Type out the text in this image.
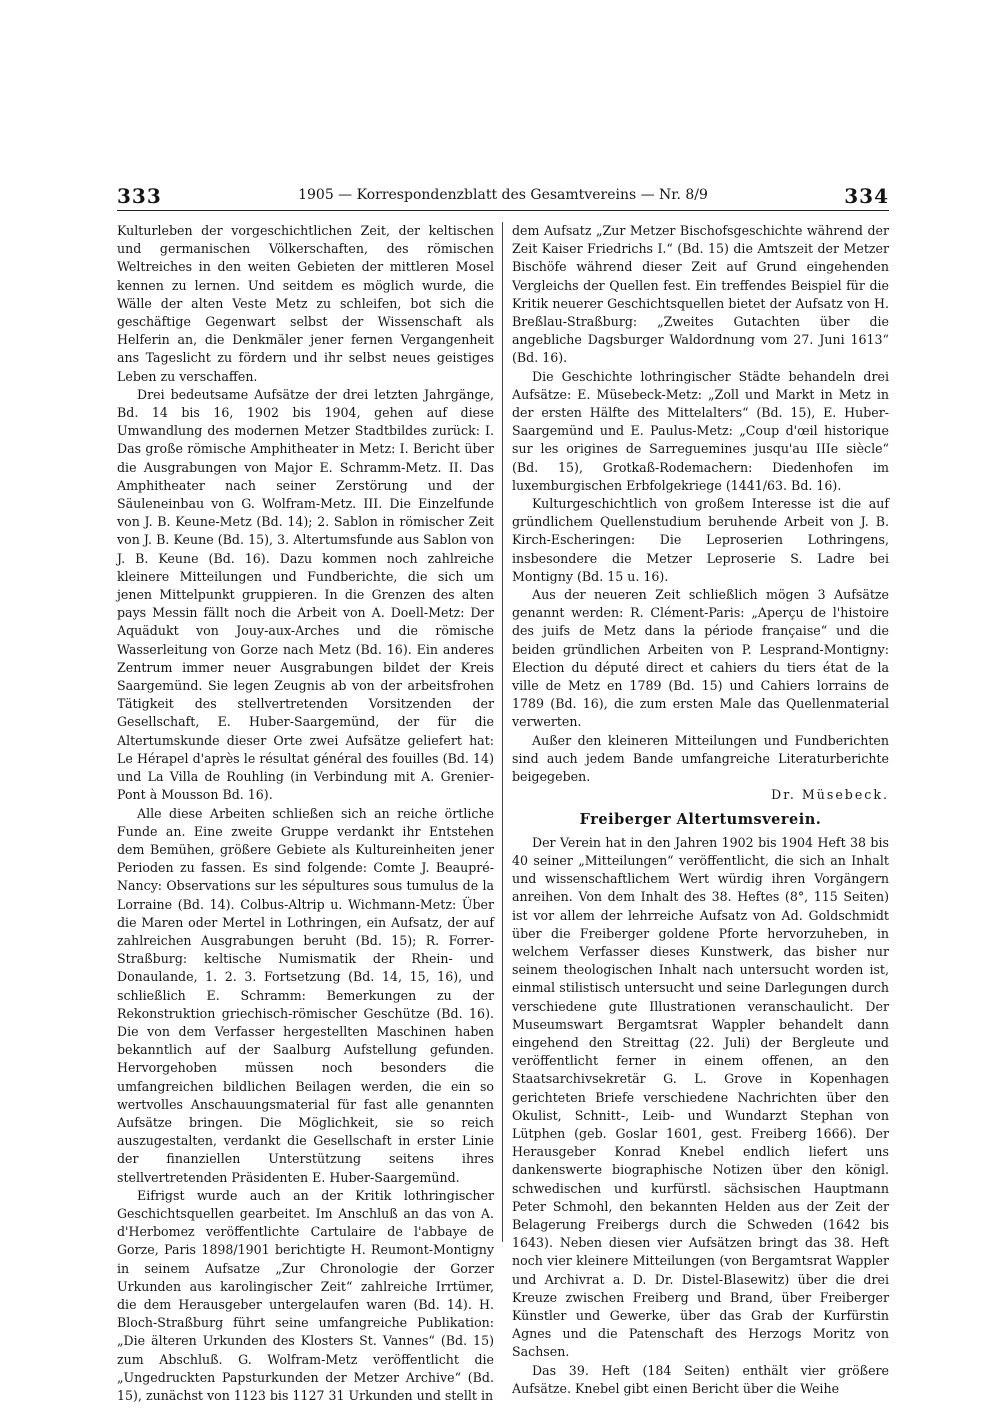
333	1905 — Korrespondenzblatt des Gesamtvereins — Nr. 8/9	334

Kulturleben der vorgeschichtlichen Zeit, der keltischen und germanischen Völkerschaften, des römischen Weltreiches in den weiten Gebieten der mittleren Mosel kennen zu lernen. Und seitdem es möglich wurde, die Wälle der alten Veste Metz zu schleifen, bot sich die geschäftige Gegenwart selbst der Wissenschaft als Helferin an, die Denkmäler jener fernen Vergangenheit ans Tageslicht zu fördern und ihr selbst neues geistiges Leben zu verschaffen.

Drei bedeutsame Aufsätze der drei letzten Jahrgänge, Bd. 14 bis 16, 1902 bis 1904, gehen auf diese Umwandlung des modernen Metzer Stadtbildes zurück: I. Das große römische Amphitheater in Metz: I. Bericht über die Ausgrabungen von Major E. Schramm-Metz. II. Das Amphitheater nach seiner Zerstörung und der Säuleneinbau von G. Wolfram-Metz. III. Die Einzelfunde von J. B. Keune-Metz (Bd. 14); 2. Sablon in römischer Zeit von J. B. Keune (Bd. 15), 3. Altertumsfunde aus Sablon von J. B. Keune (Bd. 16). Dazu kommen noch zahlreiche kleinere Mitteilungen und Fundberichte, die sich um jenen Mittelpunkt gruppieren. In die Grenzen des alten pays Messin fällt noch die Arbeit von A. Doell-Metz: Der Aquädukt von Jouy-aux-Arches und die römische Wasserleitung von Gorze nach Metz (Bd. 16). Ein anderes Zentrum immer neuer Ausgrabungen bildet der Kreis Saargemünd. Sie legen Zeugnis ab von der arbeitsfrohen Tätigkeit des stellvertretenden Vorsitzenden der Gesellschaft, E. Huber-Saargemünd, der für die Altertumskunde dieser Orte zwei Aufsätze geliefert hat: Le Hérapel d'après le résultat général des fouilles (Bd. 14) und La Villa de Rouhling (in Verbindung mit A. Grenier-Pont à Mousson Bd. 16).

Alle diese Arbeiten schließen sich an reiche örtliche Funde an. Eine zweite Gruppe verdankt ihr Entstehen dem Bemühen, größere Gebiete als Kultureinheiten jener Perioden zu fassen. Es sind folgende: Comte J. Beaupré-Nancy: Observations sur les sépultures sous tumulus de la Lorraine (Bd. 14). Colbus-Altrip u. Wichmann-Metz: Über die Maren oder Mertel in Lothringen, ein Aufsatz, der auf zahlreichen Ausgrabungen beruht (Bd. 15); R. Forrer-Straßburg: keltische Numismatik der Rhein- und Donaulande, 1. 2. 3. Fortsetzung (Bd. 14, 15, 16), und schließlich E. Schramm: Bemerkungen zu der Rekonstruktion griechisch-römischer Geschütze (Bd. 16). Die von dem Verfasser hergestellten Maschinen haben bekanntlich auf der Saalburg Aufstellung gefunden. Hervorgehoben müssen noch besonders die umfangreichen bildlichen Beilagen werden, die ein so wertvolles Anschauungsmaterial für fast alle genannten Aufsätze bringen. Die Möglichkeit, sie so reich auszugestalten, verdankt die Gesellschaft in erster Linie der finanziellen Unterstützung seitens ihres stellvertretenden Präsidenten E. Huber-Saargemünd.

Eifrigst wurde auch an der Kritik lothringischer Geschichtsquellen gearbeitet. Im Anschluß an das von A. d'Herbomez veröffentlichte Cartulaire de l'abbaye de Gorze, Paris 1898/1901 berichtigte H. Reumont-Montigny in seinem Aufsatze „Zur Chronologie der Gorzer Urkunden aus karolingischer Zeit“ zahlreiche Irrtümer, die dem Herausgeber untergelaufen waren (Bd. 14). H. Bloch-Straßburg führt seine umfangreiche Publikation: „Die älteren Urkunden des Klosters St. Vannes“ (Bd. 15) zum Abschluß. G. Wolfram-Metz veröffentlicht die „Ungedruckten Papsturkunden der Metzer Archive“ (Bd. 15), zunächst von 1123 bis 1127 31 Urkunden und stellt in

dem Aufsatz „Zur Metzer Bischofsgeschichte während der Zeit Kaiser Friedrichs I.“ (Bd. 15) die Amtszeit der Metzer Bischöfe während dieser Zeit auf Grund eingehenden Vergleichs der Quellen fest. Ein treffendes Beispiel für die Kritik neuerer Geschichtsquellen bietet der Aufsatz von H. Breßlau-Straßburg: „Zweites Gutachten über die angebliche Dagsburger Waldordnung vom 27. Juni 1613“ (Bd. 16).

Die Geschichte lothringischer Städte behandeln drei Aufsätze: E. Müsebeck-Metz: „Zoll und Markt in Metz in der ersten Hälfte des Mittelalters“ (Bd. 15), E. Huber-Saargemünd und E. Paulus-Metz: „Coup d'œil historique sur les origines de Sarreguemines jusqu'au IIIe siècle“ (Bd. 15), Grotkaß-Rodemachern: Diedenhofen im luxemburgischen Erbfolgekriege (1441/63. Bd. 16).

Kulturgeschichtlich von großem Interesse ist die auf gründlichem Quellenstudium beruhende Arbeit von J. B. Kirch-Escheringen: Die Leproserien Lothringens, insbesondere die Metzer Leproserie S. Ladre bei Montigny (Bd. 15 u. 16).

Aus der neueren Zeit schließlich mögen 3 Aufsätze genannt werden: R. Clément-Paris: „Aperçu de l'histoire des juifs de Metz dans la période française“ und die beiden gründlichen Arbeiten von P. Lesprand-Montigny: Election du député direct et cahiers du tiers état de la ville de Metz en 1789 (Bd. 15) und Cahiers lorrains de 1789 (Bd. 16), die zum ersten Male das Quellenmaterial verwerten.

Außer den kleineren Mitteilungen und Fundberichten sind auch jedem Bande umfangreiche Literaturberichte beigegeben.

Dr. Müsebeck.
Freiberger Altertumsverein.

Der Verein hat in den Jahren 1902 bis 1904 Heft 38 bis 40 seiner „Mitteilungen“ veröffentlicht, die sich an Inhalt und wissenschaftlichem Wert würdig ihren Vorgängern anreihen. Von dem Inhalt des 38. Heftes (8°, 115 Seiten) ist vor allem der lehrreiche Aufsatz von Ad. Goldschmidt über die Freiberger goldene Pforte hervorzuheben, in welchem Verfasser dieses Kunstwerk, das bisher nur seinem theologischen Inhalt nach untersucht worden ist, einmal stilistisch untersucht und seine Darlegungen durch verschiedene gute Illustrationen veranschaulicht. Der Museumswart Bergamtsrat Wappler behandelt dann eingehend den Streittag (22. Juli) der Bergleute und veröffentlicht ferner in einem offenen, an den Staatsarchivsekretär G. L. Grove in Kopenhagen gerichteten Briefe verschiedene Nachrichten über den Okulist, Schnitt-, Leib- und Wundarzt Stephan von Lütphen (geb. Goslar 1601, gest. Freiberg 1666). Der Herausgeber Konrad Knebel endlich liefert uns dankenswerte biographische Notizen über den königl. schwedischen und kurfürstl. sächsischen Hauptmann Peter Schmohl, den bekannten Helden aus der Zeit der Belagerung Freibergs durch die Schweden (1642 bis 1643). Neben diesen vier Aufsätzen bringt das 38. Heft noch vier kleinere Mitteilungen (von Bergamtsrat Wappler und Archivrat a. D. Dr. Distel-Blasewitz) über die drei Kreuze zwischen Freiberg und Brand, über Freiberger Künstler und Gewerke, über das Grab der Kurfürstin Agnes und die Patenschaft des Herzogs Moritz von Sachsen.

Das 39. Heft (184 Seiten) enthält vier größere Aufsätze. Knebel gibt einen Bericht über die Weihe
